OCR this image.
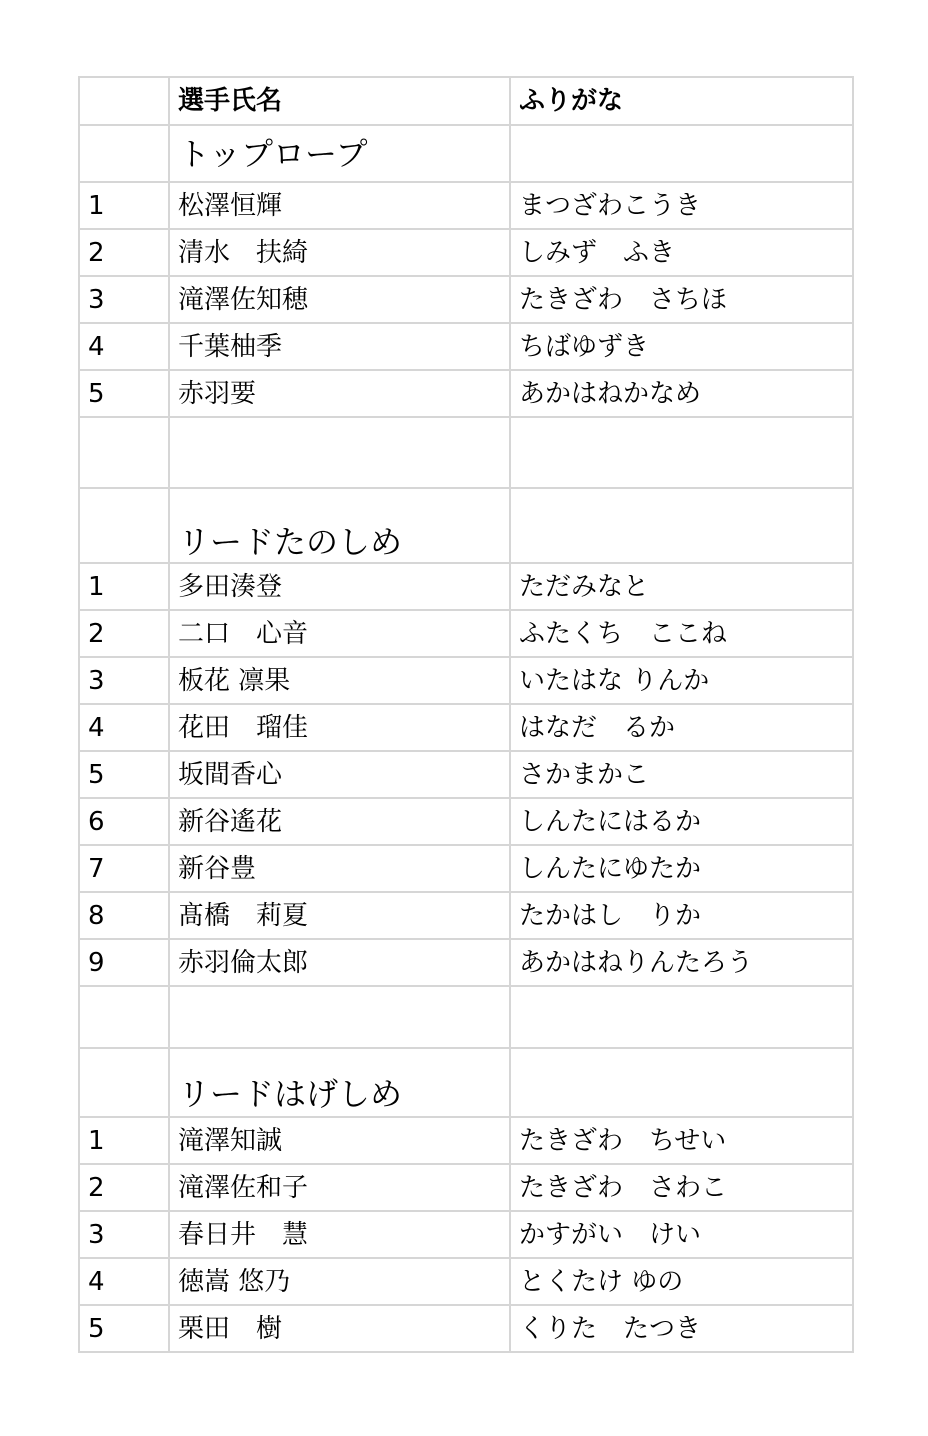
	選手氏名	ふりがな
	トップロープ	
1	松澤恒輝	まつざわこうき
2	清水　扶綺	しみず　ふき
3	滝澤佐知穂	たきざわ　さちほ
4	千葉柚季	ちばゆずき
5	赤羽要	あかはねかなめ

	リードたのしめ	
1	多田湊登	ただみなと
2	二口　心音	ふたくち　ここね
3	板花 凛果	いたはな りんか
4	花田　瑠佳	はなだ　るか
5	坂間香心	さかまかこ
6	新谷遙花	しんたにはるか
7	新谷豊	しんたにゆたか
8	髙橋　莉夏	たかはし　りか
9	赤羽倫太郎	あかはねりんたろう

	リードはげしめ	
1	滝澤知誠	たきざわ　ちせい
2	滝澤佐和子	たきざわ　さわこ
3	春日井　慧	かすがい　けい
4	徳嵩 悠乃	とくたけ ゆの
5	栗田　樹	くりた　たつき
